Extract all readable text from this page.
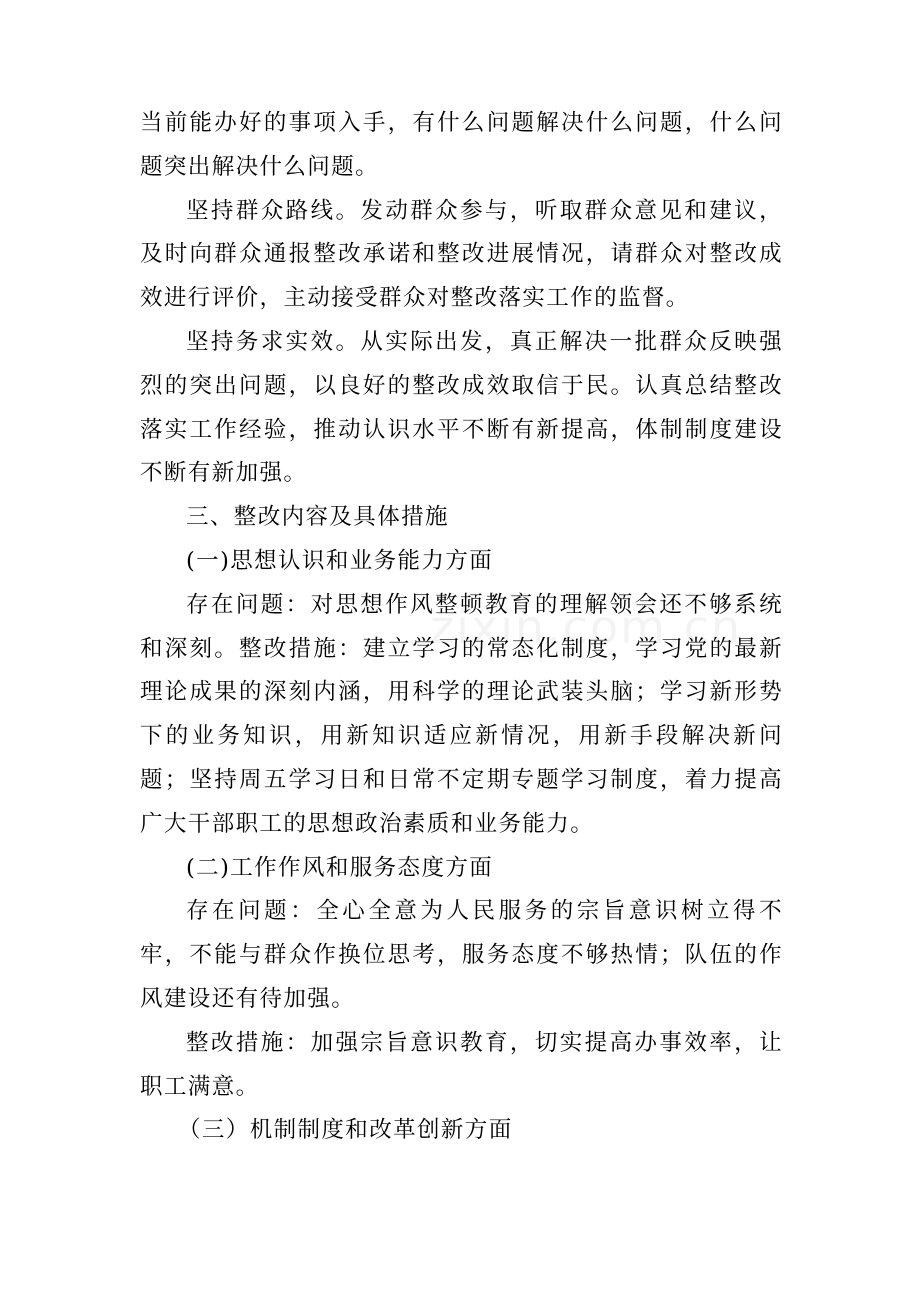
当前能办好的事项入手，有什么问题解决什么问题，什么问题突出解决什么问题。

坚持群众路线。发动群众参与，听取群众意见和建议，及时向群众通报整改承诺和整改进展情况，请群众对整改成效进行评价，主动接受群众对整改落实工作的监督。

坚持务求实效。从实际出发，真正解决一批群众反映强烈的突出问题，以良好的整改成效取信于民。认真总结整改落实工作经验，推动认识水平不断有新提高，体制制度建设不断有新加强。

三、整改内容及具体措施

(一)思想认识和业务能力方面

存在问题：对思想作风整顿教育的理解领会还不够系统和深刻。整改措施：建立学习的常态化制度，学习党的最新理论成果的深刻内涵，用科学的理论武装头脑；学习新形势下的业务知识，用新知识适应新情况，用新手段解决新问题；坚持周五学习日和日常不定期专题学习制度，着力提高广大干部职工的思想政治素质和业务能力。

(二)工作作风和服务态度方面

存在问题：全心全意为人民服务的宗旨意识树立得不牢，不能与群众作换位思考，服务态度不够热情；队伍的作风建设还有待加强。

整改措施：加强宗旨意识教育，切实提高办事效率，让职工满意。

（三）机制制度和改革创新方面
